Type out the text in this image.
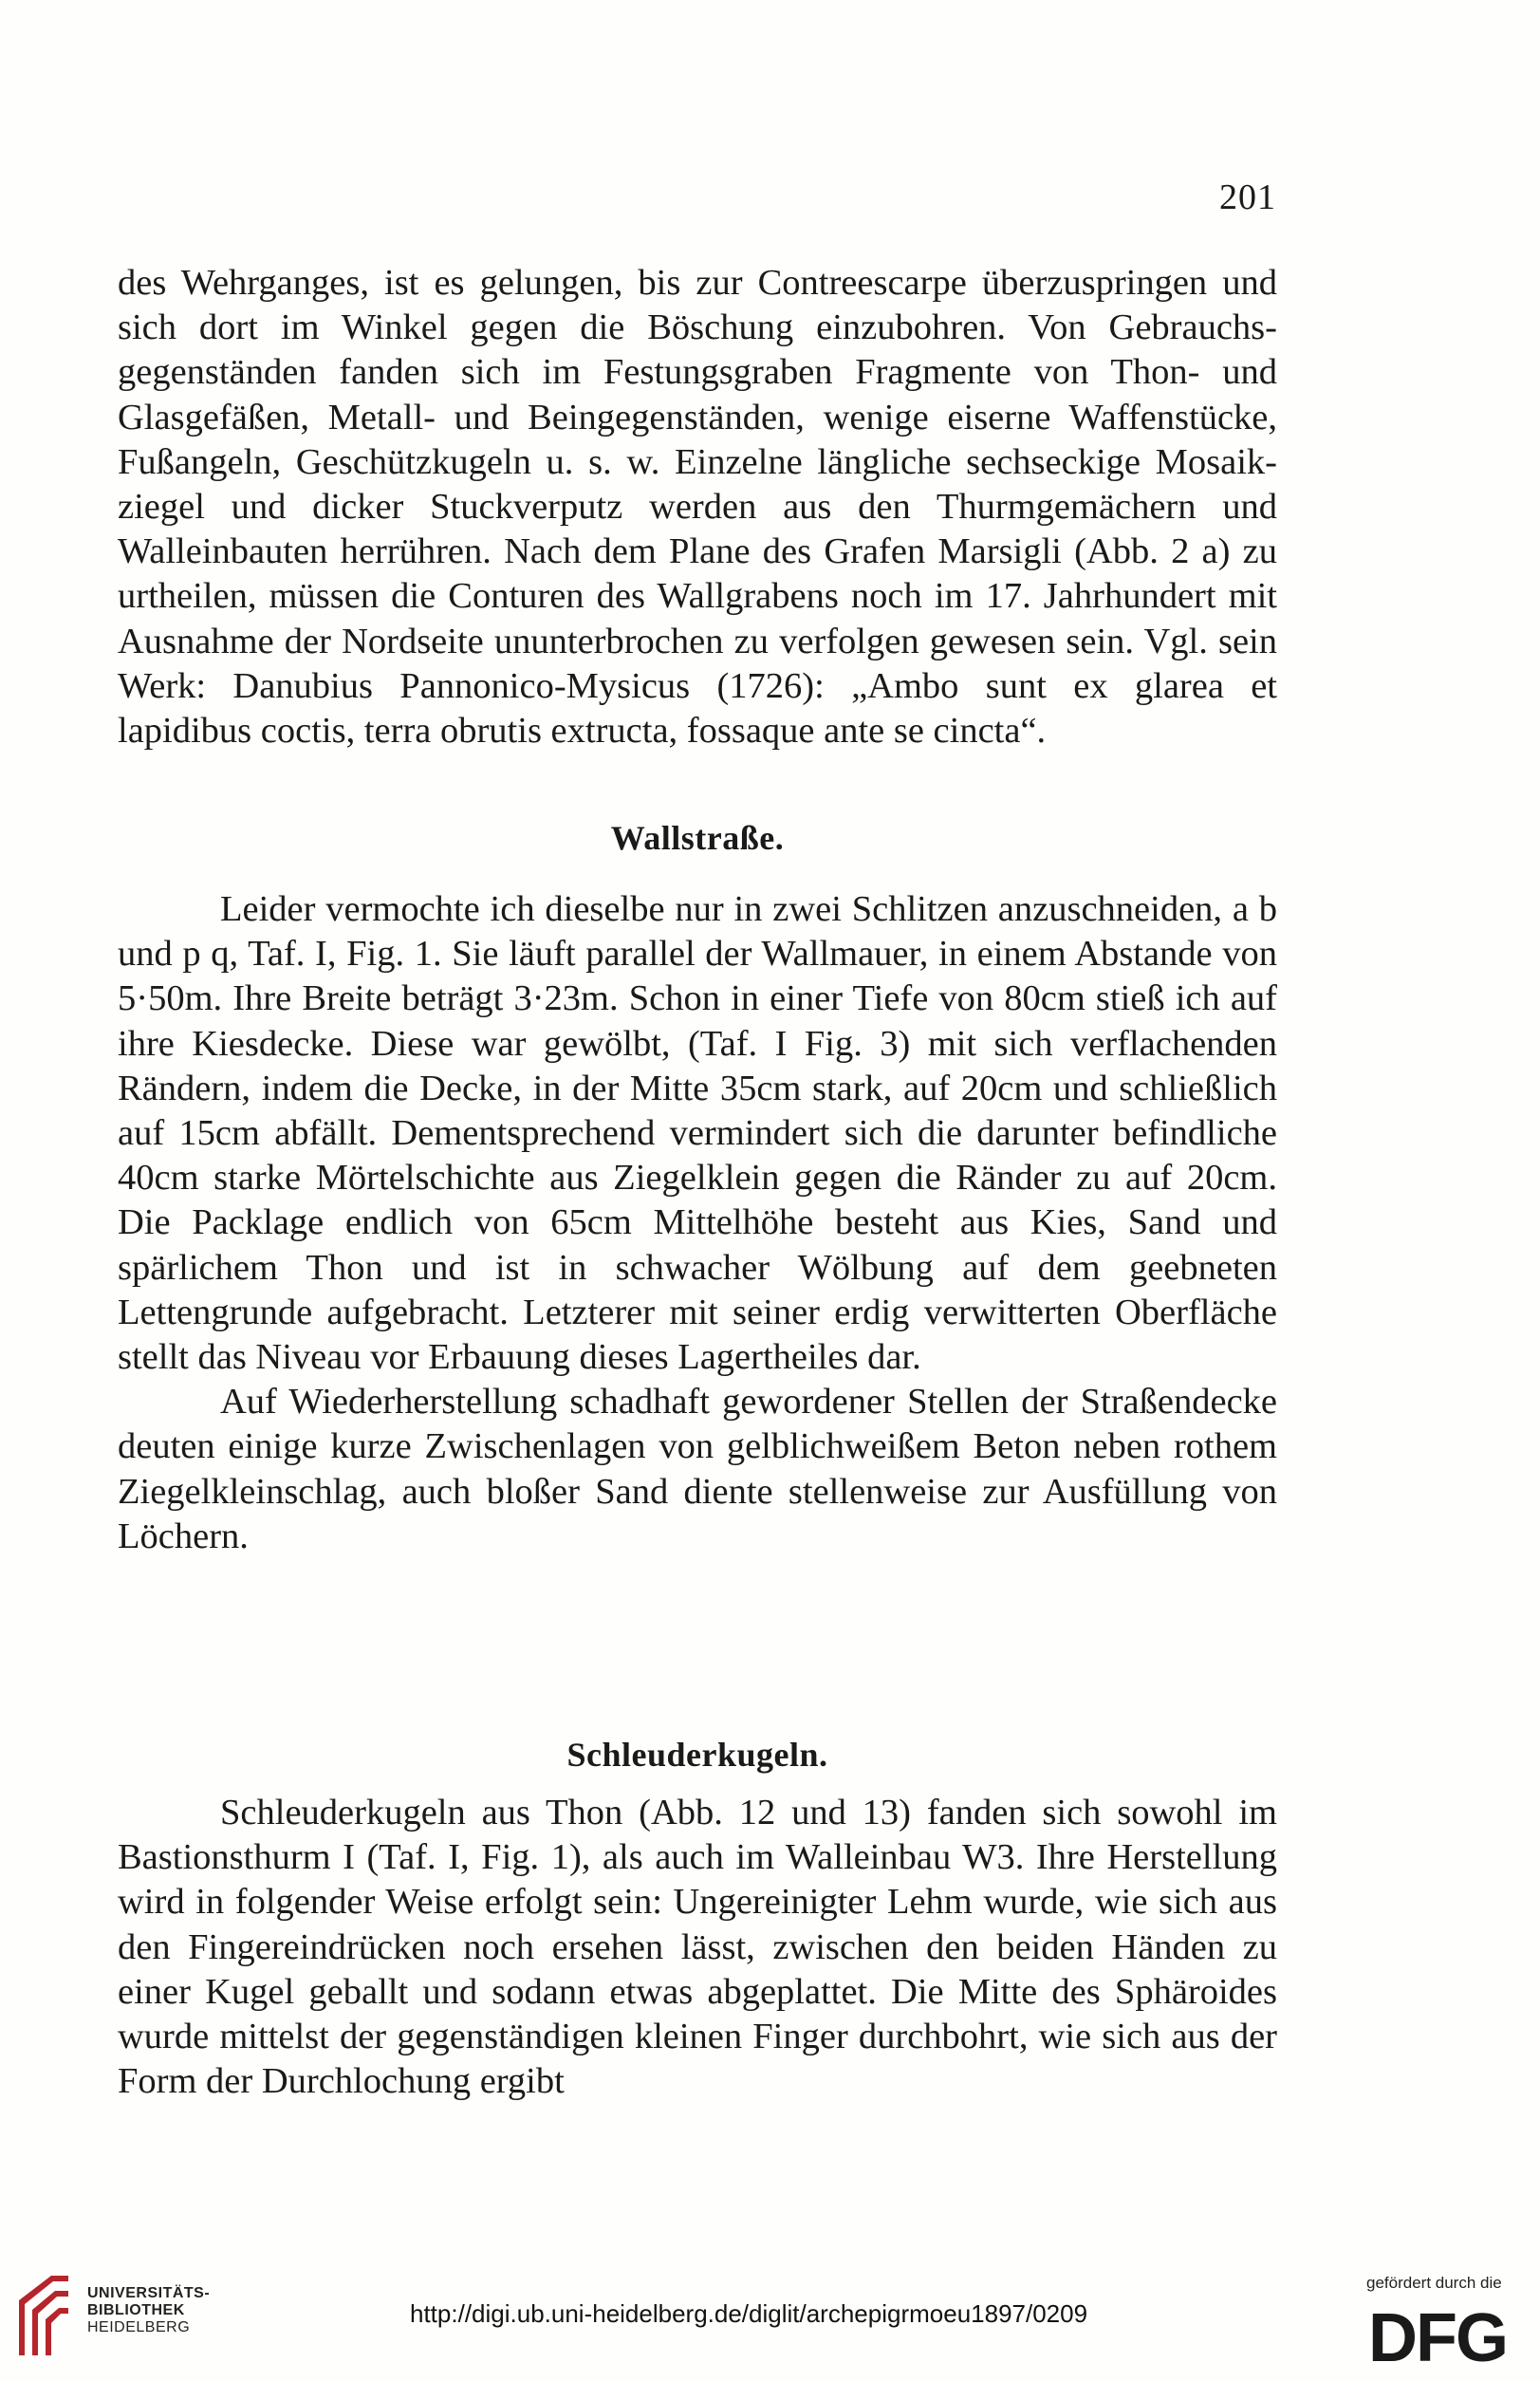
201

des Wehrganges, ist es gelungen, bis zur Contreescarpe überzuspringen und sich dort im Winkel gegen die Böschung einzubohren. Von Gebrauchsgegenständen fanden sich im Festungsgraben Fragmente von Thon- und Glasgefäßen, Metall- und Beingegenständen, wenige eiserne Waffenstücke, Fußangeln, Geschützkugeln u. s. w. Einzelne längliche sechseckige Mosaikziegel und dicker Stuckverputz werden aus den Thurmgemächern und Walleinbauten herrühren. Nach dem Plane des Grafen Marsigli (Abb. 2 a) zu urtheilen, müssen die Conturen des Wallgrabens noch im 17. Jahrhundert mit Ausnahme der Nordseite ununterbrochen zu verfolgen gewesen sein. Vgl. sein Werk: Danubius Pannonico-Mysicus (1726): „Ambo sunt ex glarea et lapidibus coctis, terra obrutis extructa, fossaque ante se cincta“.

Wallstraße.

Leider vermochte ich dieselbe nur in zwei Schlitzen anzuschneiden, a b und p q, Taf. I, Fig. 1. Sie läuft parallel der Wallmauer, in einem Abstande von 5·50m. Ihre Breite beträgt 3·23m. Schon in einer Tiefe von 80cm stieß ich auf ihre Kiesdecke. Diese war gewölbt, (Taf. I Fig. 3) mit sich verflachenden Rändern, indem die Decke, in der Mitte 35cm stark, auf 20cm und schließlich auf 15cm abfällt. Dementsprechend vermindert sich die darunter befindliche 40cm starke Mörtelschichte aus Ziegelklein gegen die Ränder zu auf 20cm. Die Packlage endlich von 65cm Mittelhöhe besteht aus Kies, Sand und spärlichem Thon und ist in schwacher Wölbung auf dem geebneten Lettengrunde aufgebracht. Letzterer mit seiner erdig verwitterten Oberfläche stellt das Niveau vor Erbauung dieses Lagertheiles dar.

Auf Wiederherstellung schadhaft gewordener Stellen der Straßendecke deuten einige kurze Zwischenlagen von gelblichweißem Beton neben rothem Ziegelkleinschlag, auch bloßer Sand diente stellenweise zur Ausfüllung von Löchern.

Schleuderkugeln.

Schleuderkugeln aus Thon (Abb. 12 und 13) fanden sich sowohl im Bastionsthurm I (Taf. I, Fig. 1), als auch im Walleinbau W3. Ihre Herstellung wird in folgender Weise erfolgt sein: Ungereinigter Lehm wurde, wie sich aus den Fingereindrücken noch ersehen lässt, zwischen den beiden Händen zu einer Kugel geballt und sodann etwas abgeplattet. Die Mitte des Sphäroides wurde mittelst der gegenständigen kleinen Finger durchbohrt, wie sich aus der Form der Durchlochung ergibt

UNIVERSITÄTS-
BIBLIOTHEK
HEIDELBERG	http://digi.ub.uni-heidelberg.de/diglit/archepigrmoeu1897/0209
gefördert durch die
DFG
